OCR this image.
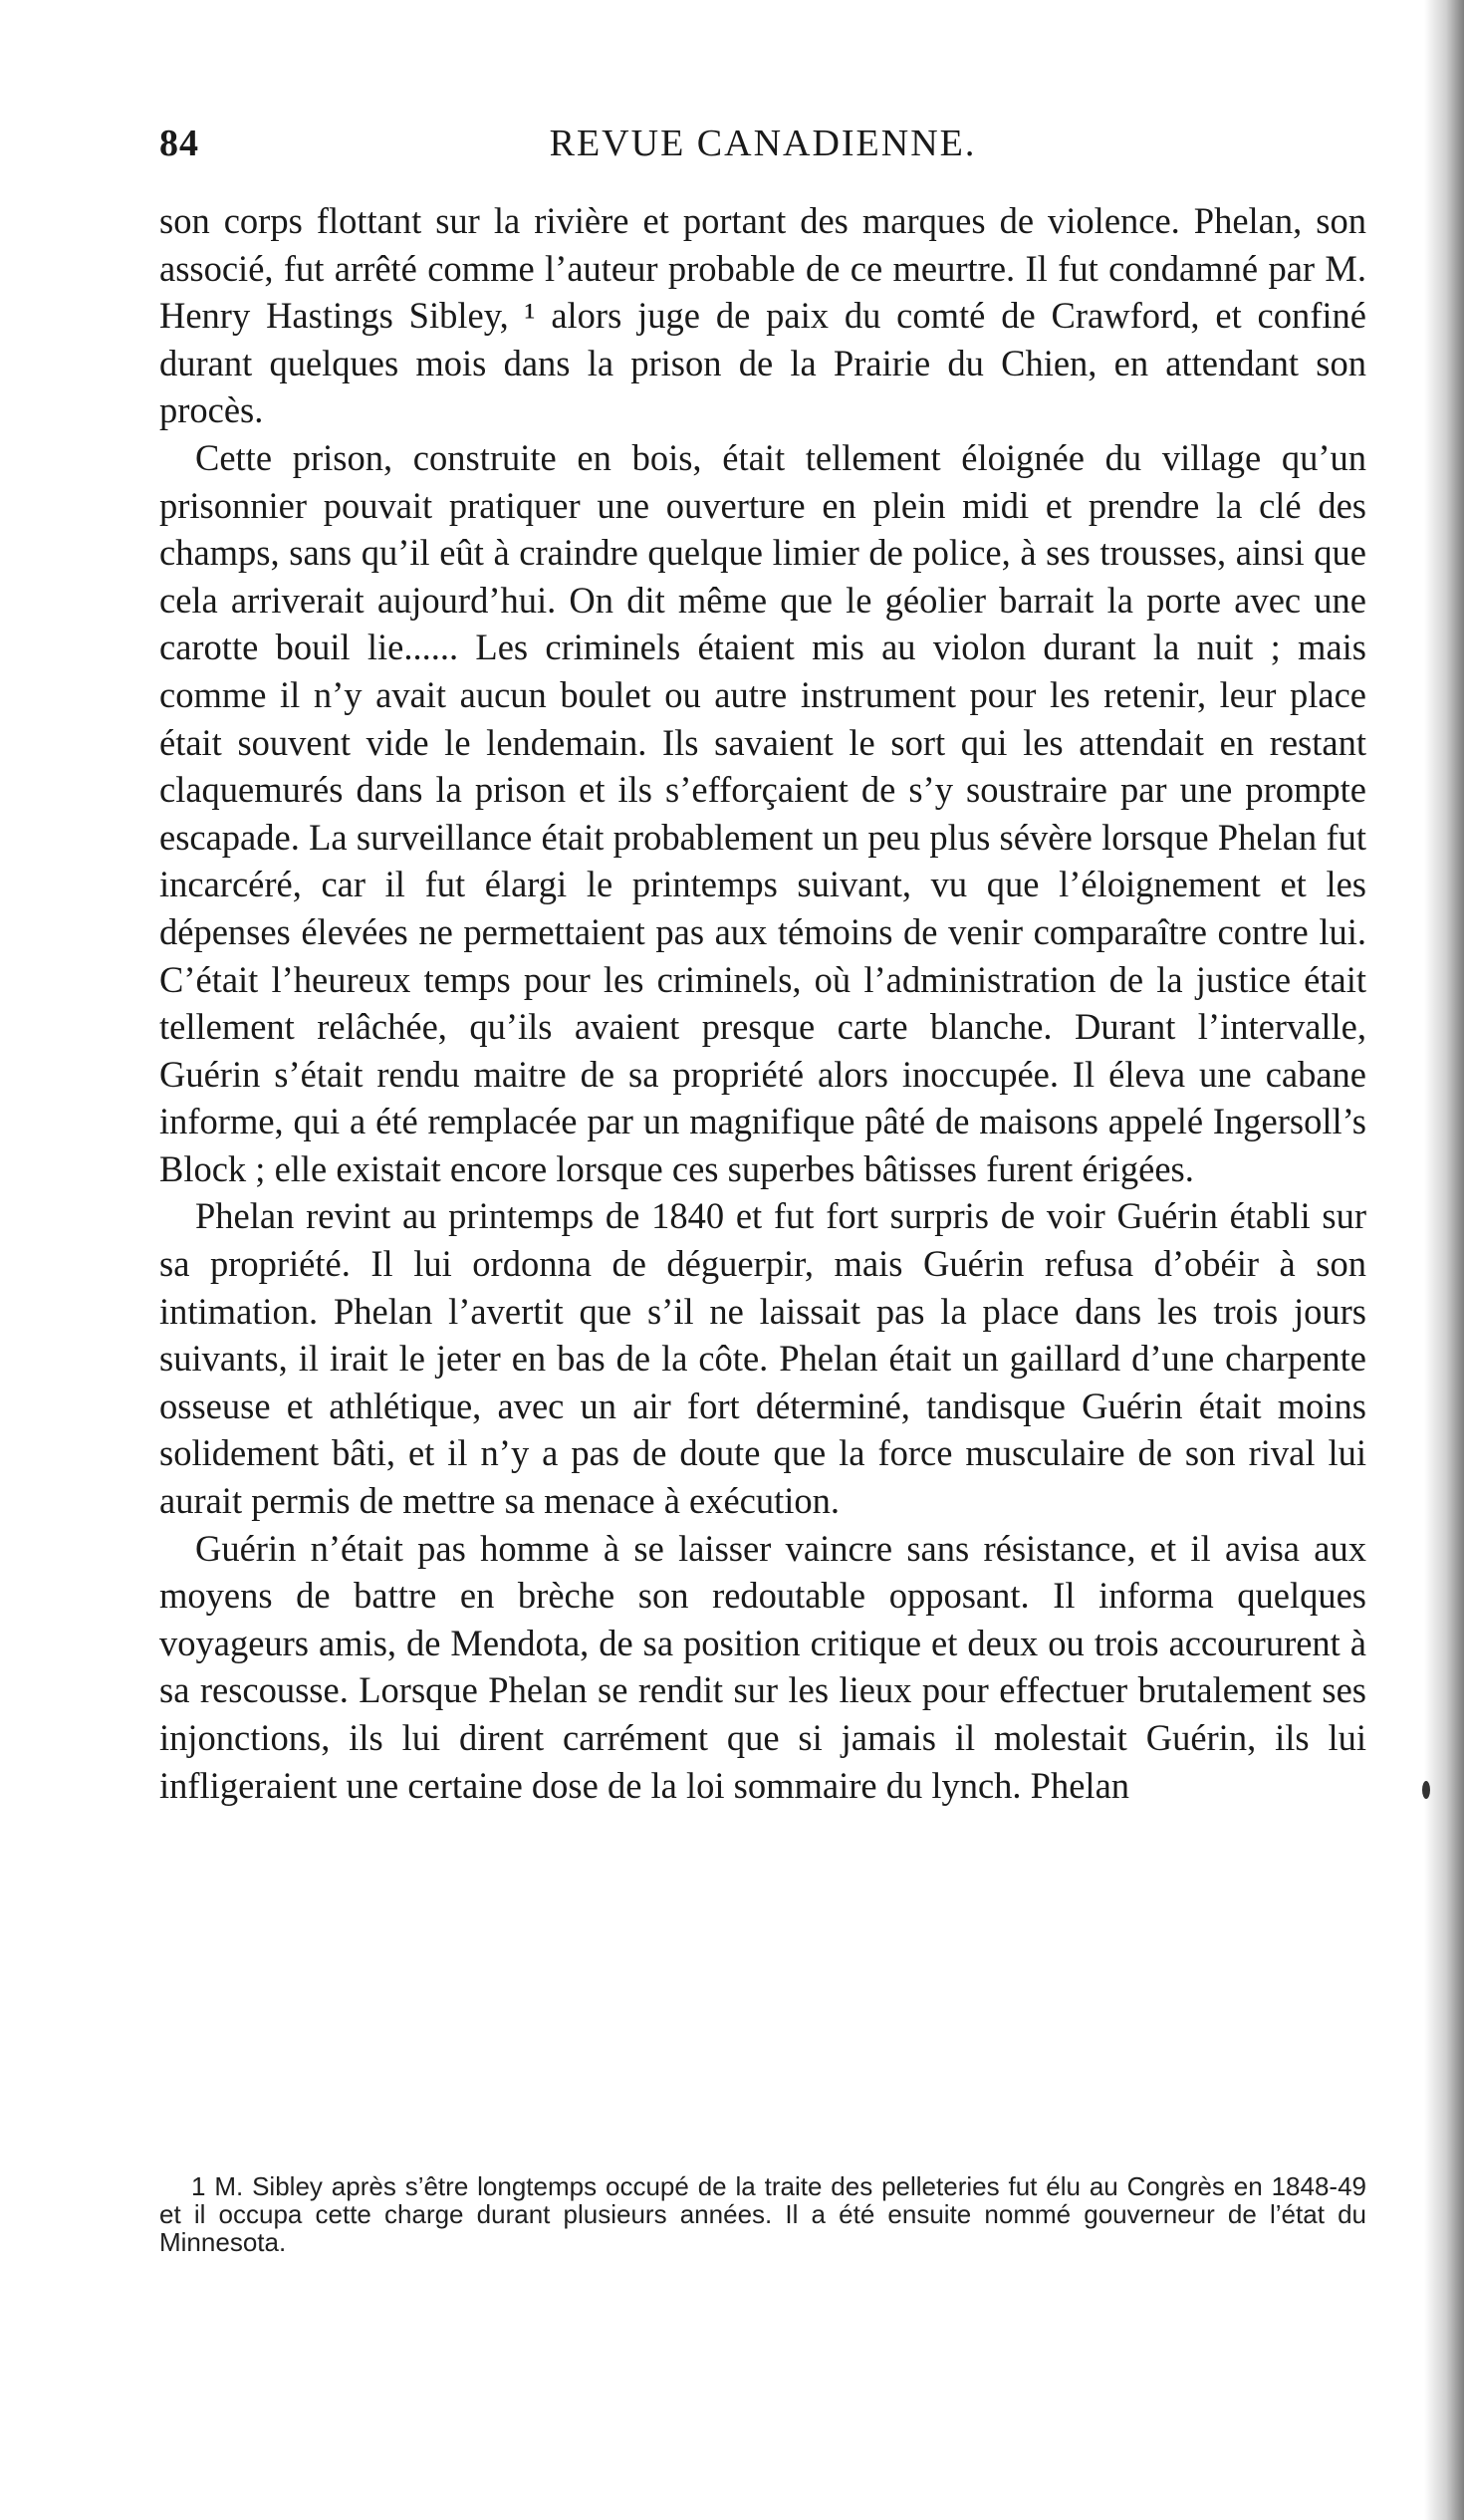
84	REVUE CANADIENNE.

son corps flottant sur la rivière et portant des marques de violence. Phelan, son associé, fut arrêté comme l’auteur probable de ce meurtre. Il fut condamné par M. Henry Hastings Sibley, ¹ alors juge de paix du comté de Crawford, et confiné durant quelques mois dans la prison de la Prairie du Chien, en attendant son procès.

Cette prison, construite en bois, était tellement éloignée du village qu’un prisonnier pouvait pratiquer une ouverture en plein midi et prendre la clé des champs, sans qu’il eût à craindre quelque limier de police, à ses trousses, ainsi que cela arriverait aujourd’hui. On dit même que le géolier barrait la porte avec une carotte bouil lie...... Les criminels étaient mis au violon durant la nuit ; mais comme il n’y avait aucun boulet ou autre instrument pour les retenir, leur place était souvent vide le lendemain. Ils savaient le sort qui les attendait en restant claquemurés dans la prison et ils s’efforçaient de s’y soustraire par une prompte escapade. La surveillance était probablement un peu plus sévère lorsque Phelan fut incarcéré, car il fut élargi le printemps suivant, vu que l’éloignement et les dépenses élevées ne permettaient pas aux témoins de venir comparaître contre lui. C’était l’heureux temps pour les criminels, où l’administration de la justice était tellement relâchée, qu’ils avaient presque carte blanche. Durant l’intervalle, Guérin s’était rendu maitre de sa propriété alors inoccupée. Il éleva une cabane informe, qui a été remplacée par un magnifique pâté de maisons appelé Ingersoll’s Block ; elle existait encore lorsque ces superbes bâtisses furent érigées.

Phelan revint au printemps de 1840 et fut fort surpris de voir Guérin établi sur sa propriété. Il lui ordonna de déguerpir, mais Guérin refusa d’obéir à son intimation. Phelan l’avertit que s’il ne laissait pas la place dans les trois jours suivants, il irait le jeter en bas de la côte. Phelan était un gaillard d’une charpente osseuse et athlétique, avec un air fort déterminé, tandisque Guérin était moins solidement bâti, et il n’y a pas de doute que la force musculaire de son rival lui aurait permis de mettre sa menace à exécution.

Guérin n’était pas homme à se laisser vaincre sans résistance, et il avisa aux moyens de battre en brèche son redoutable opposant. Il informa quelques voyageurs amis, de Mendota, de sa position critique et deux ou trois accoururent à sa rescousse. Lorsque Phelan se rendit sur les lieux pour effectuer brutalement ses injonctions, ils lui dirent carrément que si jamais il molestait Guérin, ils lui infligeraient une certaine dose de la loi sommaire du lynch. Phelan

1 M. Sibley après s’être longtemps occupé de la traite des pelleteries fut élu au Congrès en 1848-49 et il occupa cette charge durant plusieurs années. Il a été ensuite nommé gouverneur de l’état du Minnesota.
